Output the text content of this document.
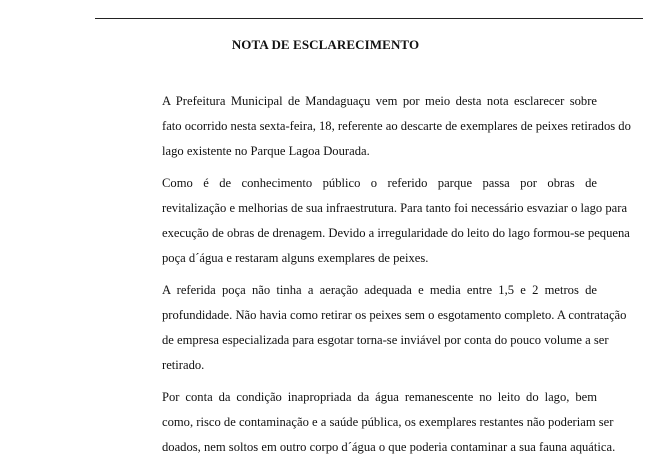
NOTA DE ESCLARECIMENTO

A Prefeitura Municipal de Mandaguaçu vem por meio desta nota esclarecer sobre
fato ocorrido nesta sexta-feira, 18, referente ao descarte de exemplares de peixes retirados do
lago existente no Parque Lagoa Dourada.

Como é de conhecimento público o referido parque passa por obras de
revitalização e melhorias de sua infraestrutura. Para tanto foi necessário esvaziar o lago para
execução de obras de drenagem. Devido a irregularidade do leito do lago formou-se pequena
poça d´água e restaram alguns exemplares de peixes.

A referida poça não tinha a aeração adequada e media entre 1,5 e 2 metros de
profundidade. Não havia como retirar os peixes sem o esgotamento completo. A contratação
de empresa especializada para esgotar torna-se inviável por conta do pouco volume a ser
retirado.

Por conta da condição inapropriada da água remanescente no leito do lago, bem
como, risco de contaminação e a saúde pública, os exemplares restantes não poderiam ser
doados, nem soltos em outro corpo d´água o que poderia contaminar a sua fauna aquática.
